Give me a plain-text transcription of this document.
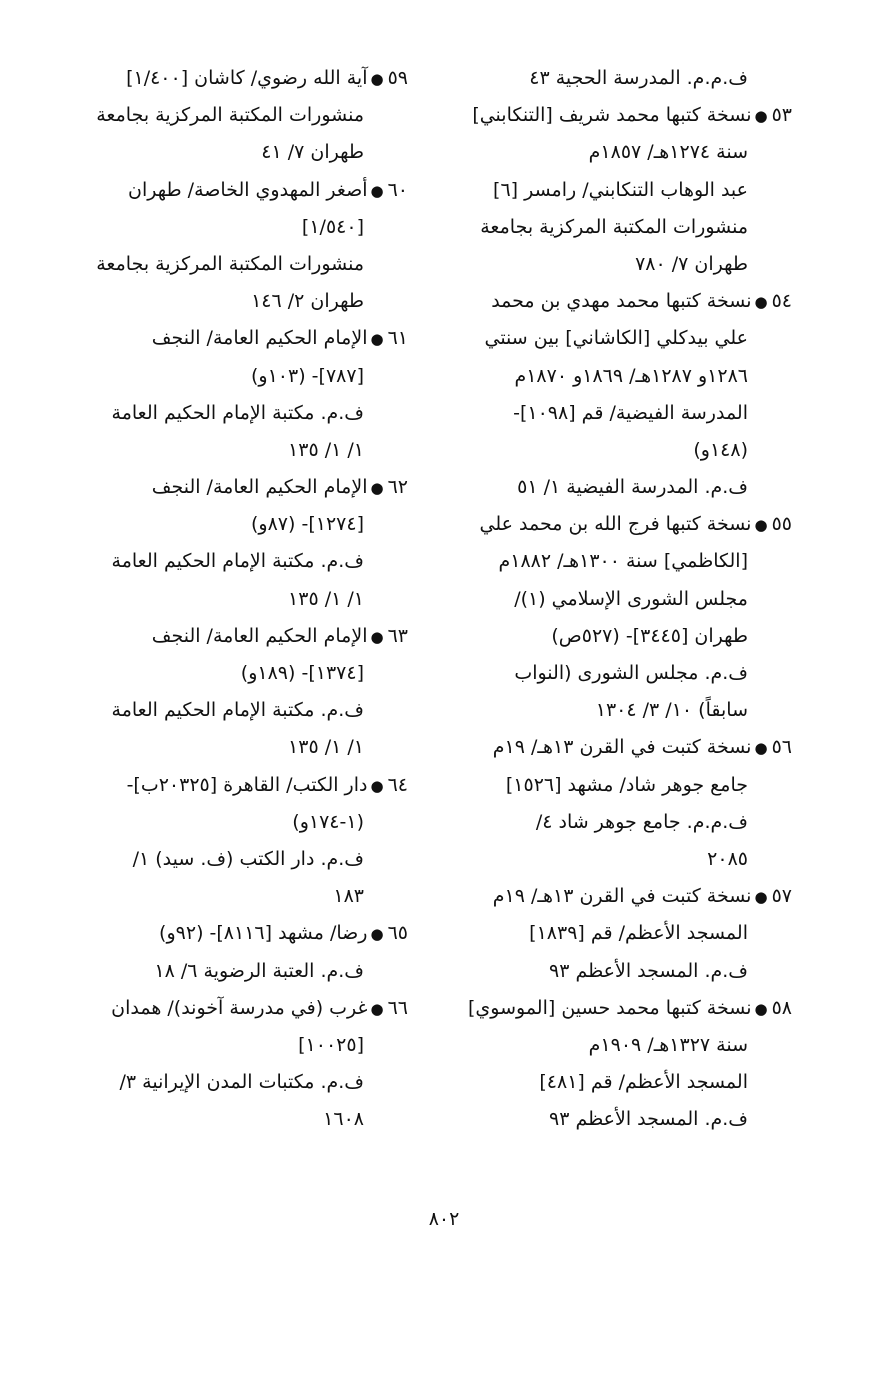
ف.م.م. المدرسة الحجية ٤٣
٥٣●نسخة كتبها محمد شريف [التنكابني]
سنة ١٢٧٤هـ/ ١٨٥٧م
عبد الوهاب التنكابني/ رامسر [٦]
منشورات المكتبة المركزية بجامعة
طهران ٧/ ٧٨٠
٥٤●نسخة كتبها محمد مهدي بن محمد
علي بيدكلي [الكاشاني] بين سنتي
١٢٨٦و ١٢٨٧هـ/ ١٨٦٩و ١٨٧٠م
المدرسة الفيضية/ قم [١٠٩٨]-
(١٤٨و)
ف.م. المدرسة الفيضية ١/ ٥١
٥٥●نسخة كتبها فرج الله بن محمد علي
[الكاظمي] سنة ١٣٠٠هـ/ ١٨٨٢م
مجلس الشورى الإسلامي (١)/
طهران [٣٤٤٥]- (٥٢٧ص)
ف.م. مجلس الشورى (النواب
سابقاً) ١٠/ ٣/ ١٣٠٤
٥٦●نسخة كتبت في القرن ١٣هـ/ ١٩م
جامع جوهر شاد/ مشهد [١٥٢٦]
ف.م.م. جامع جوهر شاد ٤/
٢٠٨٥
٥٧●نسخة كتبت في القرن ١٣هـ/ ١٩م
المسجد الأعظم/ قم [١٨٣٩]
ف.م. المسجد الأعظم ٩٣
٥٨●نسخة كتبها محمد حسين [الموسوي]
سنة ١٣٢٧هـ/ ١٩٠٩م
المسجد الأعظم/ قم [٤٨١]
ف.م. المسجد الأعظم ٩٣
٥٩●آية الله رضوي/ كاشان [١/٤٠٠]
منشورات المكتبة المركزية بجامعة
طهران ٧/ ٤١
٦٠●أصغر المهدوي الخاصة/ طهران
[١/٥٤٠]
منشورات المكتبة المركزية بجامعة
طهران ٢/ ١٤٦
٦١●الإمام الحكيم العامة/ النجف
[٧٨٧]- (١٠٣و)
ف.م. مكتبة الإمام الحكيم العامة
١/ ١/ ١٣٥
٦٢●الإمام الحكيم العامة/ النجف
[١٢٧٤]- (٨٧و)
ف.م. مكتبة الإمام الحكيم العامة
١/ ١/ ١٣٥
٦٣●الإمام الحكيم العامة/ النجف
[١٣٧٤]- (١٨٩و)
ف.م. مكتبة الإمام الحكيم العامة
١/ ١/ ١٣٥
٦٤●دار الكتب/ القاهرة [٢٠٣٢٥ب]-
(١-١٧٤و)
ف.م. دار الكتب (ف. سيد) ١/
١٨٣
٦٥●رضا/ مشهد [٨١١٦]- (٩٢و)
ف.م. العتبة الرضوية ٦/ ١٨
٦٦●غرب (في مدرسة آخوند)/ همدان
[١٠٠٢٥]
ف.م. مكتبات المدن الإيرانية ٣/
١٦٠٨
٨٠٢
